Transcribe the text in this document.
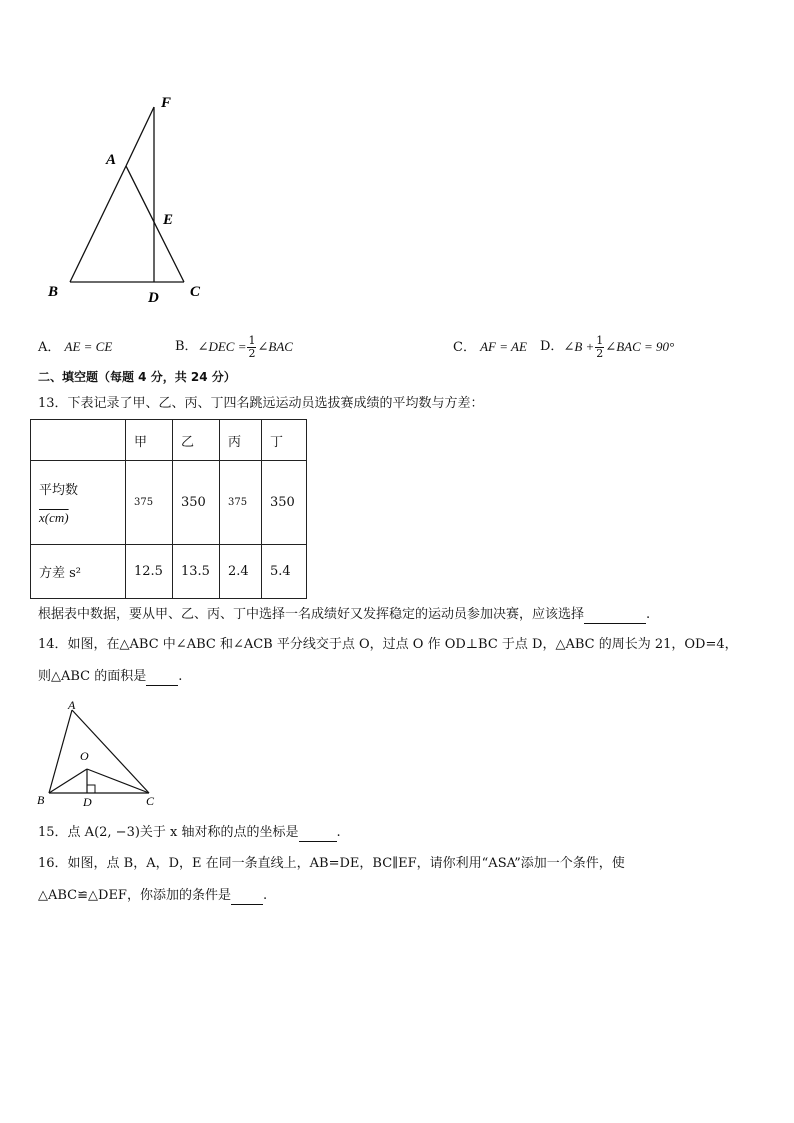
F
A
E
B	D C
A． AE = CE	B． ∠DEC = $\frac{1}{2}$ ∠BAC	C． AF = AE D． ∠B + $\frac{1}{2}$ ∠BAC = 90°
二、填空题（每题 4 分，共 24 分）
13．下表记录了甲、乙、丙、丁四名跳远运动员选拔赛成绩的平均数与方差：
	甲	乙	丙	丁

平均数
x(cm)	375	350	375	350
方差 s²	12.5	13.5	2.4	5.4
根据表中数据，要从甲、乙、丙、丁中选择一名成绩好又发挥稳定的运动员参加决赛，应该选择	.
14．如图，在△ABC 中∠ABC 和∠ACB 平分线交于点 O，过点 O 作 OD⊥BC 于点 D，△ABC 的周长为 21，OD=4，
则△ABC 的面积是 .
A
O
B	D	C
15．点 A(2, −3)关于 x 轴对称的点的坐标是	.
16．如图，点 B，A，D，E 在同一条直线上，AB=DE，BC∥EF，请你利用“ASA”添加一个条件，使
△ABC≌△DEF，你添加的条件是 .
